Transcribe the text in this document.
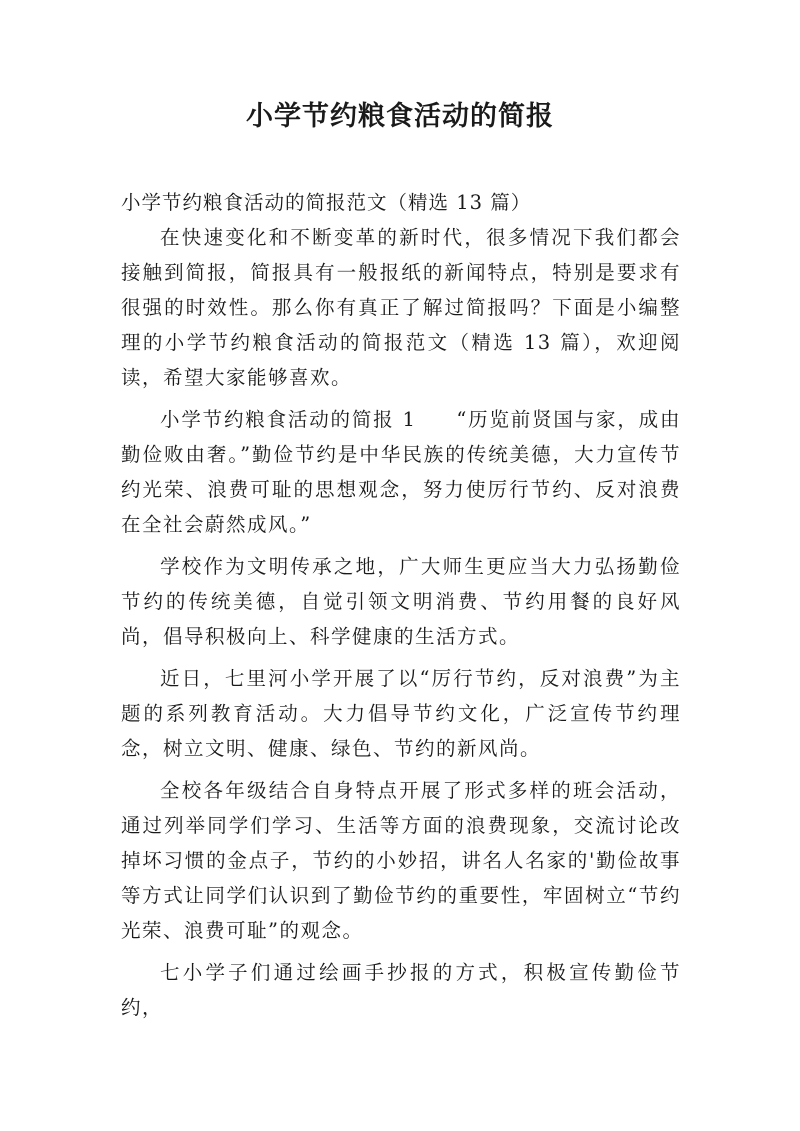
小学节约粮食活动的简报

小学节约粮食活动的简报范文（精选 13 篇）

在快速变化和不断变革的新时代，很多情况下我们都会接触到简报，简报具有一般报纸的新闻特点，特别是要求有很强的时效性。那么你有真正了解过简报吗？下面是小编整理的小学节约粮食活动的简报范文（精选 13 篇），欢迎阅读，希望大家能够喜欢。

小学节约粮食活动的简报 1 “历览前贤国与家，成由勤俭败由奢。”勤俭节约是中华民族的传统美德，大力宣传节约光荣、浪费可耻的思想观念，努力使厉行节约、反对浪费在全社会蔚然成风。”

学校作为文明传承之地，广大师生更应当大力弘扬勤俭节约的传统美德，自觉引领文明消费、节约用餐的良好风尚，倡导积极向上、科学健康的生活方式。

近日，七里河小学开展了以“厉行节约，反对浪费”为主题的系列教育活动。大力倡导节约文化，广泛宣传节约理念，树立文明、健康、绿色、节约的新风尚。

全校各年级结合自身特点开展了形式多样的班会活动，通过列举同学们学习、生活等方面的浪费现象，交流讨论改掉坏习惯的金点子，节约的小妙招，讲名人名家的'勤俭故事等方式让同学们认识到了勤俭节约的重要性，牢固树立“节约光荣、浪费可耻”的观念。

七小学子们通过绘画手抄报的方式，积极宣传勤俭节约，
